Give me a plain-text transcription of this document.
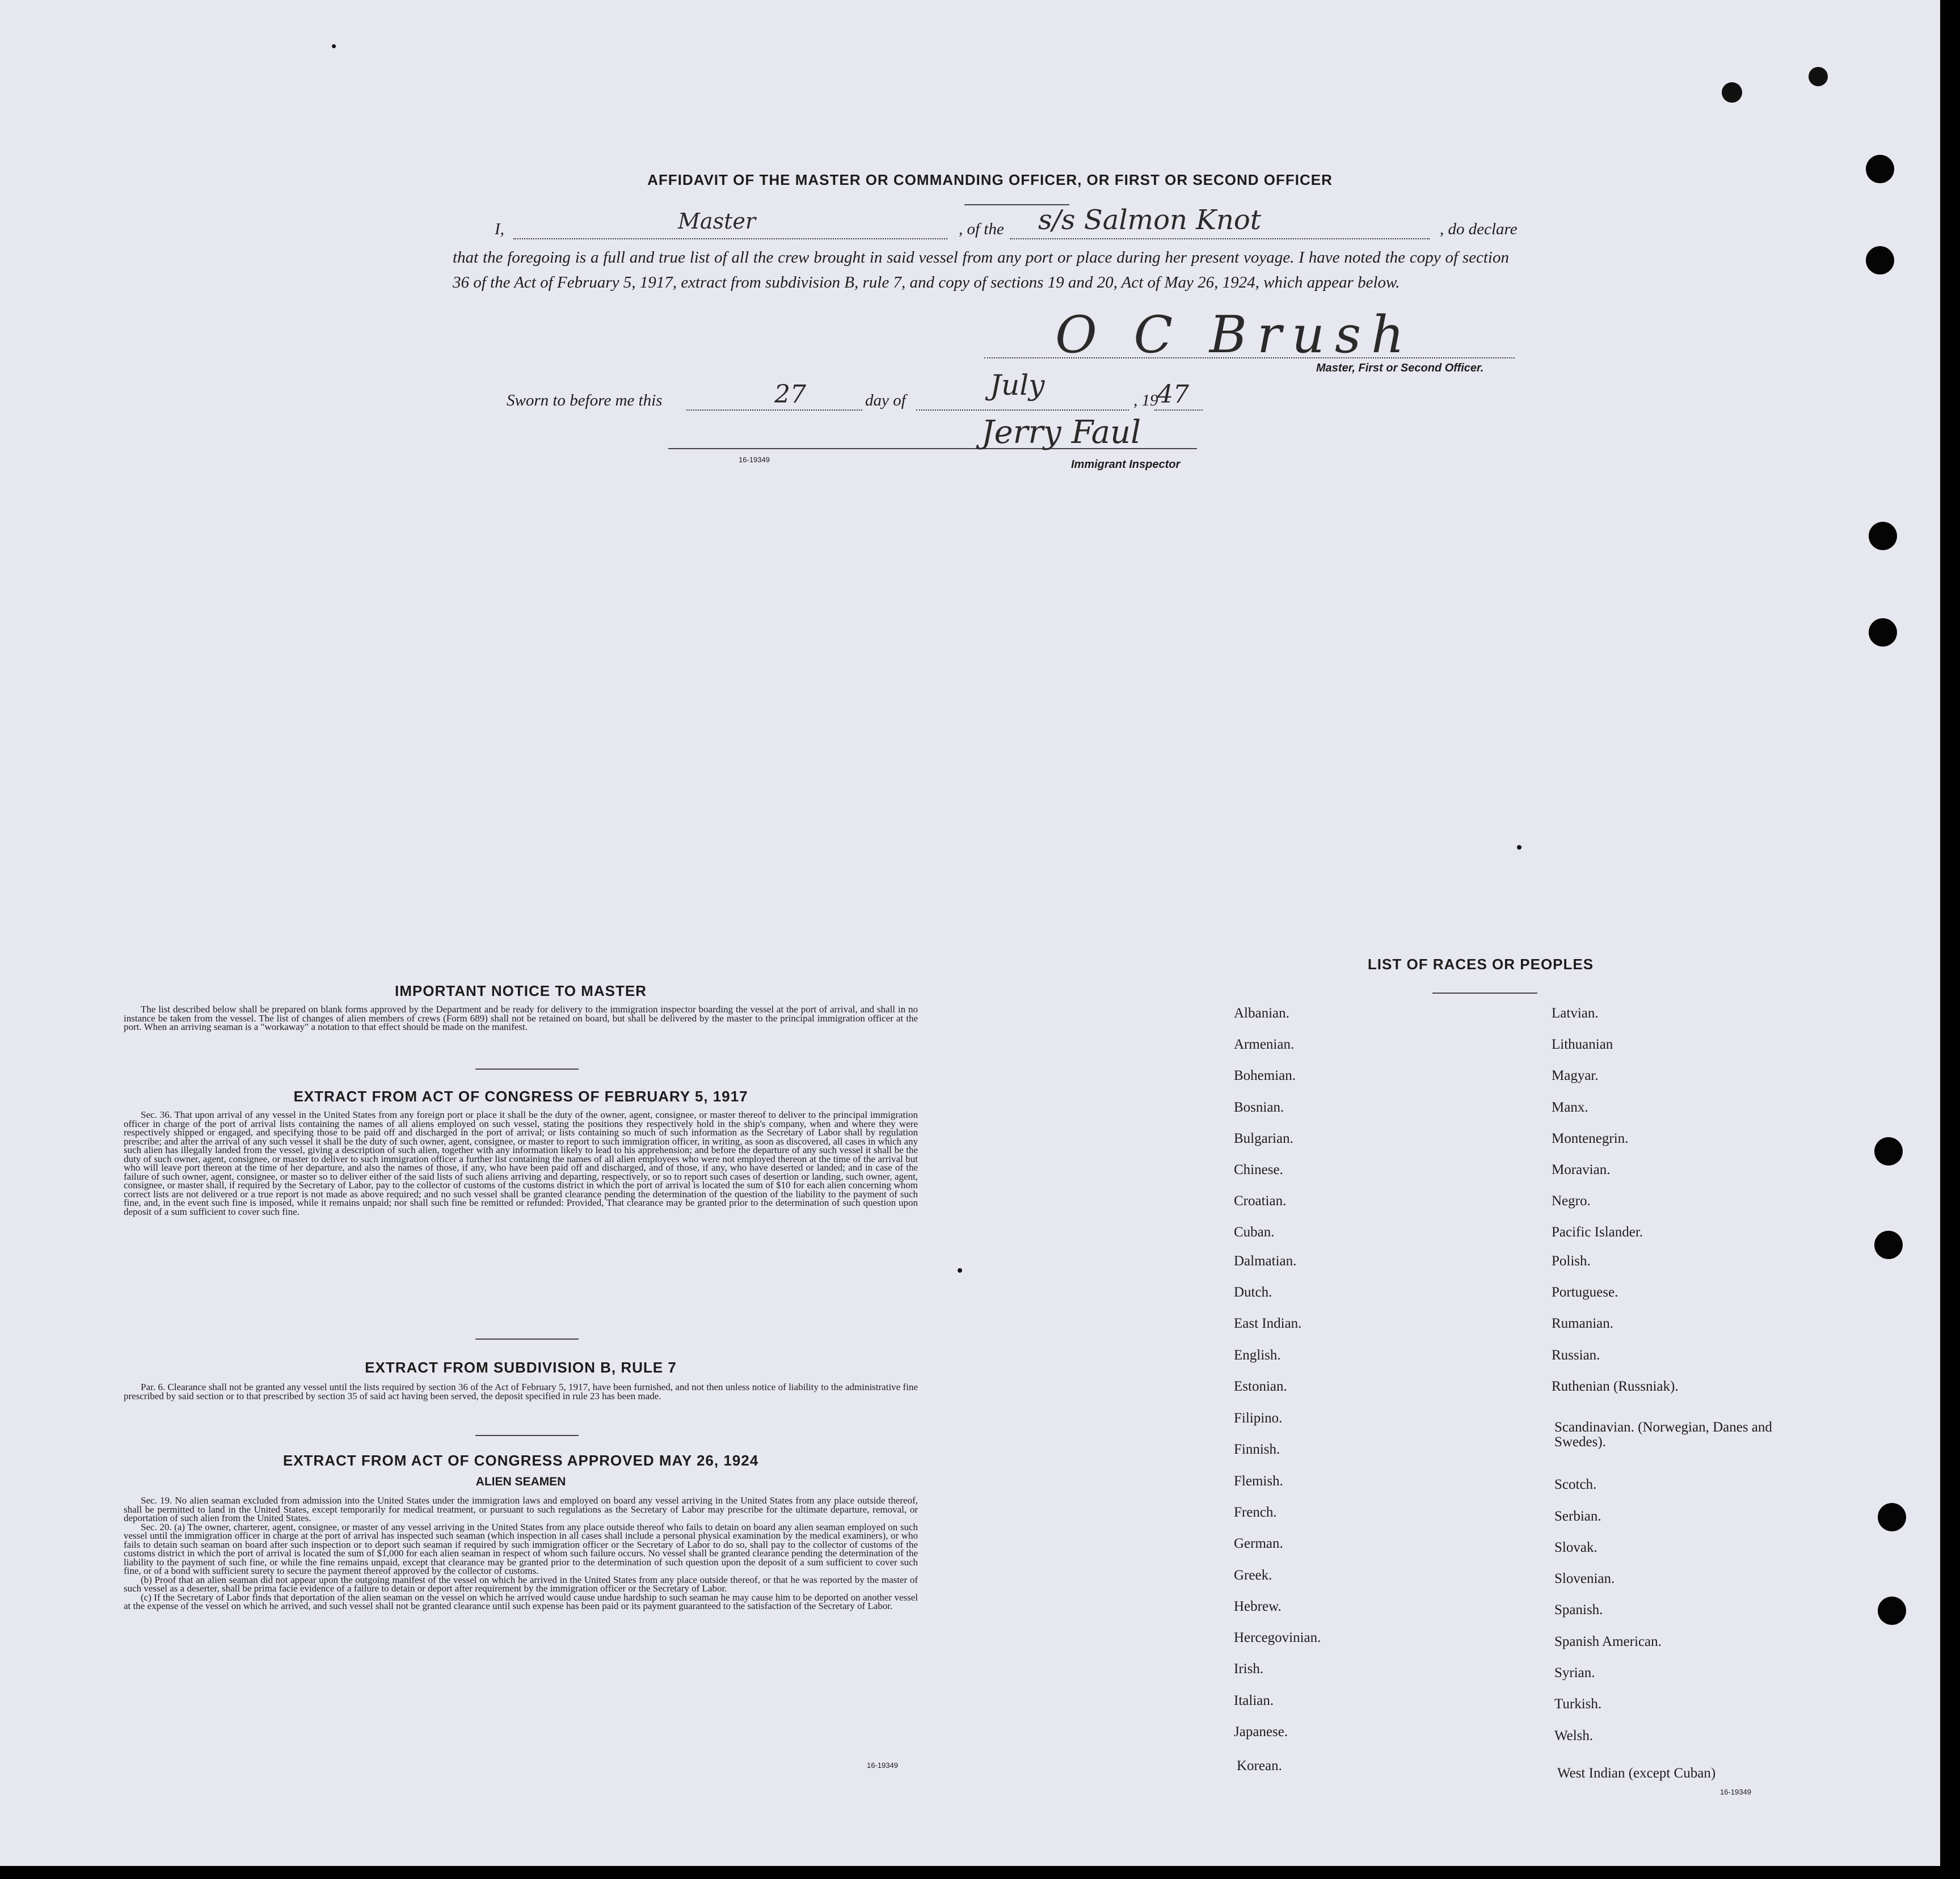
AFFIDAVIT OF THE MASTER OR COMMANDING OFFICER, OR FIRST OR SECOND OFFICER
I,	Master	, of the s/s Salmon Knot	, do declare
that the foregoing is a full and true list of all the crew brought in said vessel from any port or place during her present voyage. I have noted the copy of section 36 of the Act of February 5, 1917, extract from subdivision B, rule 7, and copy of sections 19 and 20, Act of May 26, 1924, which appear below.
O C Brush
Master, First or Second Officer.
Sworn to before me this	27	day of	July	, 19
47
Jerry Faul
16-19349	Immigrant Inspector
IMPORTANT NOTICE TO MASTER

The list described below shall be prepared on blank forms approved by the Department and be ready for delivery to the immigration inspector boarding the vessel at the port of arrival, and shall in no instance be taken from the vessel. The list of changes of alien members of crews (Form 689) shall not be retained on board, but shall be delivered by the master to the principal immigration officer at the port. When an arriving seaman is a "workaway" a notation to that effect should be made on the manifest.

EXTRACT FROM ACT OF CONGRESS OF FEBRUARY 5, 1917

Sec. 36. That upon arrival of any vessel in the United States from any foreign port or place it shall be the duty of the owner, agent, consignee, or master thereof to deliver to the principal immigration officer in charge of the port of arrival lists containing the names of all aliens employed on such vessel, stating the positions they respectively hold in the ship's company, when and where they were respectively shipped or engaged, and specifying those to be paid off and discharged in the port of arrival; or lists containing so much of such information as the Secretary of Labor shall by regulation prescribe; and after the arrival of any such vessel it shall be the duty of such owner, agent, consignee, or master to report to such immigration officer, in writing, as soon as discovered, all cases in which any such alien has illegally landed from the vessel, giving a description of such alien, together with any information likely to lead to his apprehension; and before the departure of any such vessel it shall be the duty of such owner, agent, consignee, or master to deliver to such immigration officer a further list containing the names of all alien employees who were not employed thereon at the time of the arrival but who will leave port thereon at the time of her departure, and also the names of those, if any, who have been paid off and discharged, and of those, if any, who have deserted or landed; and in case of the failure of such owner, agent, consignee, or master so to deliver either of the said lists of such aliens arriving and departing, respectively, or so to report such cases of desertion or landing, such owner, agent, consignee, or master shall, if required by the Secretary of Labor, pay to the collector of customs of the customs district in which the port of arrival is located the sum of $10 for each alien concerning whom correct lists are not delivered or a true report is not made as above required; and no such vessel shall be granted clearance pending the determination of the question of the liability to the payment of such fine, and, in the event such fine is imposed, while it remains unpaid; nor shall such fine be remitted or refunded: Provided, That clearance may be granted prior to the determination of such question upon deposit of a sum sufficient to cover such fine.

EXTRACT FROM SUBDIVISION B, RULE 7

Par. 6. Clearance shall not be granted any vessel until the lists required by section 36 of the Act of February 5, 1917, have been furnished, and not then unless notice of liability to the administrative fine prescribed by said section or to that prescribed by section 35 of said act having been served, the deposit specified in rule 23 has been made.

EXTRACT FROM ACT OF CONGRESS APPROVED MAY 26, 1924
ALIEN SEAMEN

Sec. 19. No alien seaman excluded from admission into the United States under the immigration laws and employed on board any vessel arriving in the United States from any place outside thereof, shall be permitted to land in the United States, except temporarily for medical treatment, or pursuant to such regulations as the Secretary of Labor may prescribe for the ultimate departure, removal, or deportation of such alien from the United States.

Sec. 20. (a) The owner, charterer, agent, consignee, or master of any vessel arriving in the United States from any place outside thereof who fails to detain on board any alien seaman employed on such vessel until the immigration officer in charge at the port of arrival has inspected such seaman (which inspection in all cases shall include a personal physical examination by the medical examiners), or who fails to detain such seaman on board after such inspection or to deport such seaman if required by such immigration officer or the Secretary of Labor to do so, shall pay to the collector of customs of the customs district in which the port of arrival is located the sum of $1,000 for each alien seaman in respect of whom such failure occurs. No vessel shall be granted clearance pending the determination of the liability to the payment of such fine, or while the fine remains unpaid, except that clearance may be granted prior to the determination of such question upon the deposit of a sum sufficient to cover such fine, or of a bond with sufficient surety to secure the payment thereof approved by the collector of customs.

(b) Proof that an alien seaman did not appear upon the outgoing manifest of the vessel on which he arrived in the United States from any place outside thereof, or that he was reported by the master of such vessel as a deserter, shall be prima facie evidence of a failure to detain or deport after requirement by the immigration officer or the Secretary of Labor.

(c) If the Secretary of Labor finds that deportation of the alien seaman on the vessel on which he arrived would cause undue hardship to such seaman he may cause him to be deported on another vessel at the expense of the vessel on which he arrived, and such vessel shall not be granted clearance until such expense has been paid or its payment guaranteed to the satisfaction of the Secretary of Labor.

16-19349
LIST OF RACES OR PEOPLES
Albanian.
Armenian.
Bohemian.
Bosnian.
Bulgarian.
Chinese.
Croatian.
Cuban.
Dalmatian.
Dutch.
East Indian.
English.
Estonian.
Filipino.
Finnish.
Flemish.
French.
German.
Greek.
Hebrew.
Hercegovinian.
Irish.
Italian.
Japanese.
Korean.
Latvian.
Lithuanian
Magyar.
Manx.
Montenegrin.
Moravian.
Negro.
Pacific Islander.
Polish.
Portuguese.
Rumanian.
Russian.
Ruthenian (Russniak).
Scandinavian. (Norwegian, Danes and Swedes).
Scotch.
Serbian.
Slovak.
Slovenian.
Spanish.
Spanish American.
Syrian.
Turkish.
Welsh.
West Indian (except Cuban)
16-19349
